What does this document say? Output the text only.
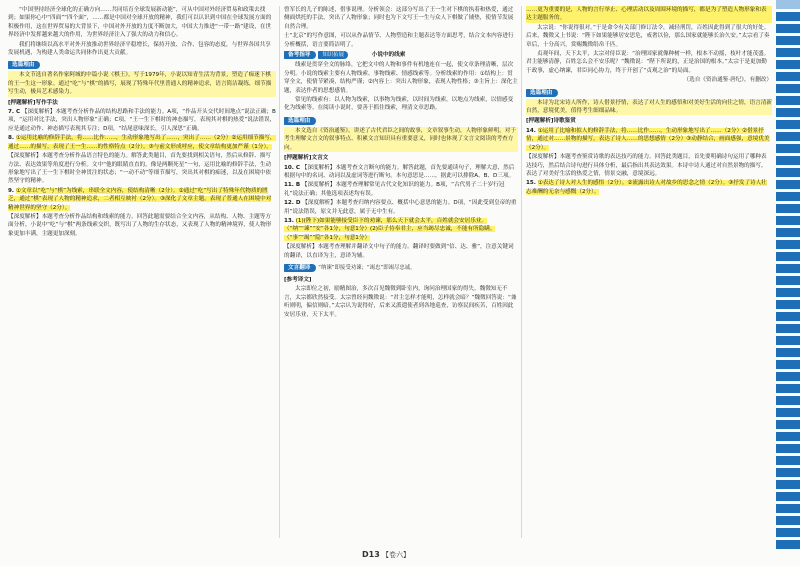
“中国坚持经济全球化的正确方向……共同培育全球发展新动能”，可从中国对外经济贸易和政策去找到；如果你心中“四面”“四个面”，……都是中国对全球开放的精神，我们可以认识到中国在全球发展方面的积极作用，这在世界贸易的大背景下，中国对外开放的力度不断加大，中国大力推进“一带一路”建设，在世界经济中发挥越来越大的作用，为世界经济注入了强大的动力和信心。

我们将继续以高水平对外开放推动世界经济平稳增长，保持开放、合作、包容的态度，与世界各国共享发展机遇，为构建人类命运共同体作出更大贡献。

选篇理由

本文节选自著名作家阿城的中篇小说《棋王》，写于1979年，小说以知青生活为背景，塑造了痴迷下棋的王一生这一形象。通过“吃”与“棋”的描写，展现了特殊年代里普通人的精神追求，语言简洁凝练，细节描写生动，极具艺术感染力。

[押题解析]写作手法

7. C 【深度解析】本题考查分析作品的结构思路和手法的能力。A项，“作品开头交代时间地点”说法正确；B项，“运用对比手法，突出人物形象”正确；C项，“王一生下棋时的神态描写，表现其对棋的热爱”说法错误，应是通过动作、神态描写表现其专注；D项，“结尾意味深长，引人深思”正确。

8. ①运用比喻的修辞手法，将……比作……，生动形象地写出了……，突出了……（2分）②运用细节描写，通过……的描写，表现了王一生……的性格特点（2分）。③与前文形成呼应，使文章结构更加严谨（1分）。

【深度解析】本题考查分析作品语言特色的能力。解答此类题目，首先要找到相关语句，然后从修辞、描写方法、表达效果等角度进行分析。文中“他的眼睛直直的，像是两颗死星”一句，运用比喻的修辞手法，生动形象地写出了王一生下棋时全神贯注的状态；“一动不动”等细节描写，突出其对棋的痴迷，以及在困境中依然坚守的精神。

9. ①文章以“吃”与“棋”为线索，串联全文内容，使结构清晰（2分）。②通过“吃”写出了特殊年代物质的匮乏，通过“棋”表现了人物的精神追求，二者相互映衬（2分）。③深化了文章主题，表现了普通人在困境中对精神世界的坚守（2分）。

【深度解析】本题考查分析作品结构和线索的能力。回答此题需要结合全文内容，从结构、人物、主题等方面分析。小说中“吃”与“棋”两条线索交织，既写出了人物的生存状态，又表现了人物的精神境界，使人物形象更加丰满，主题更加深刻。

曾军长的儿子的陈述，借事说理。分析领会：这部分写出了王一生对下棋的执着和热爱，通过侧面烘托的手法，突出了人物形象；同时也为下文写王一生与众人下棋做了铺垫，使情节发展自然合理。

士“北京”的写作意图，可以从作品情节、人物塑造和主题表达等方面思考，结合文本内容进行分析概括，语言要简洁明了。

备考指导 知识拓展	小说中的线索

线索是贯穿全文的脉络，它把文中的人物和事件有机地连在一起，使文章条理清晰，层次分明。小说的线索主要有人物线索、事物线索、情感线索等。分析线索的作用：①结构上：贯穿全文，使情节紧凑，结构严谨；②内容上：突出人物形象，表现人物性格；③主旨上：深化主题，表达作者的思想感情。

常见的线索有：以人物为线索，以事物为线索，以时间为线索，以地点为线索，以情感变化为线索等。在阅读小说时，要善于抓住线索，理清文章思路。

选篇理由

本文选自《资治通鉴》，讲述了古代君臣之间的故事，文章叙事生动，人物形象鲜明，对于考生理解文言文的叙事特点、积累文言知识具有重要意义，同时也体现了文言文阅读的考查方向。

[押题解析]文言文

10. C 【深度解析】本题考查文言断句的能力。解答此题，首先要通读句子，理解大意，然后根据句中的名词、动词以及虚词等进行断句。本句意思是……，据此可以排除A、B、D三项。

11. B 【深度解析】本题考查理解常见古代文化知识的能力。B项，“古代男子二十岁行冠礼”说法正确；其他选项表述均有误。

12. D 【深度解析】本题考查归纳内容要点、概括中心意思的能力。D项，“因此受到皇帝的重用”说法错误，原文并无此意，属于无中生有。

13. (1)(陛下)如果能够接受臣下的劝谏，那么天下就会太平，百姓就会安居乐业。（“纳”“谏”“安”各1分，句意1分）(2)臣子侍奉君主，应当竭尽忠诚，不能有所隐瞒。（“事”“竭”“隐”各1分，句意1分）

【深度解析】本题考查理解并翻译文中句子的能力。翻译时要做到“信、达、雅”，注意关键词的翻译，以直译为主，意译为辅。

文言翻译 “纳谏”即接受劝谏；“竭忠”即竭尽忠诚。

[参考译文]

太宗即位之初，励精图治，多次召见魏徵到卧室内，询问治理国家的得失。魏徵知无不言，太宗都欣然接受。太宗曾经问魏徵说：“君主怎样才能明，怎样就会暗？”魏徵回答说：“兼听则明，偏信则暗。”太宗认为说得好，后来又派遣使者到各地巡查，访察民间疾苦，百姓因此安居乐业，天下太平。

……更为重要的是，人物的言行举止、心理活动以及周围环境的描写，都是为了塑造人物形象和表达主题服务的。

太宗说：“你说得很对。”于是命令有关部门修订法令，减轻刑罚，百姓因此得到了很大的好处。后来，魏徵又上书说：“陛下如果能够居安思危，戒奢以俭，那么国家就能够长治久安。”太宗看了奏章后，十分高兴，赏赐魏徵绢帛千匹。

贞观年间，天下太平，太宗对侍臣说：“治理国家就像种树一样，根本不动摇，枝叶才能茂盛。君主能够清静，百姓怎么会不安乐呢？”魏徵说：“陛下所说的，正是治国的根本。”太宗于是更加勤于政事，虚心纳谏，君臣同心协力，终于开创了“贞观之治”的局面。

（选自《资治通鉴·唐纪》，有删改）

选篇理由

本诗为北宋诗人所作，诗人借景抒情，表达了对人生的感悟和对美好生活的向往之情，语言清新自然，意境优美，值得考生细细品味。

[押题解析]诗歌鉴赏

14. ①运用了比喻和拟人的修辞手法，将……比作……，生动形象地写出了……（2分）②借景抒情，通过对……景物的描写，表达了诗人……的思想感情（2分）③动静结合，画面感强，意境优美（2分）。

【深度解析】本题考查鉴赏诗歌的表达技巧的能力。回答此类题目，首先要明确诗句运用了哪种表达技巧，然后结合诗句进行具体分析，最后指出其表达效果。本诗中诗人通过对自然景物的描写，表达了对美好生活的热爱之情，情景交融，意境深远。

15. ①表达了诗人对人生的感悟（2分）。②流露出诗人对故乡的思念之情（2分）。③抒发了诗人壮志难酬的无奈与感慨（2分）。

D13 【卷六】
